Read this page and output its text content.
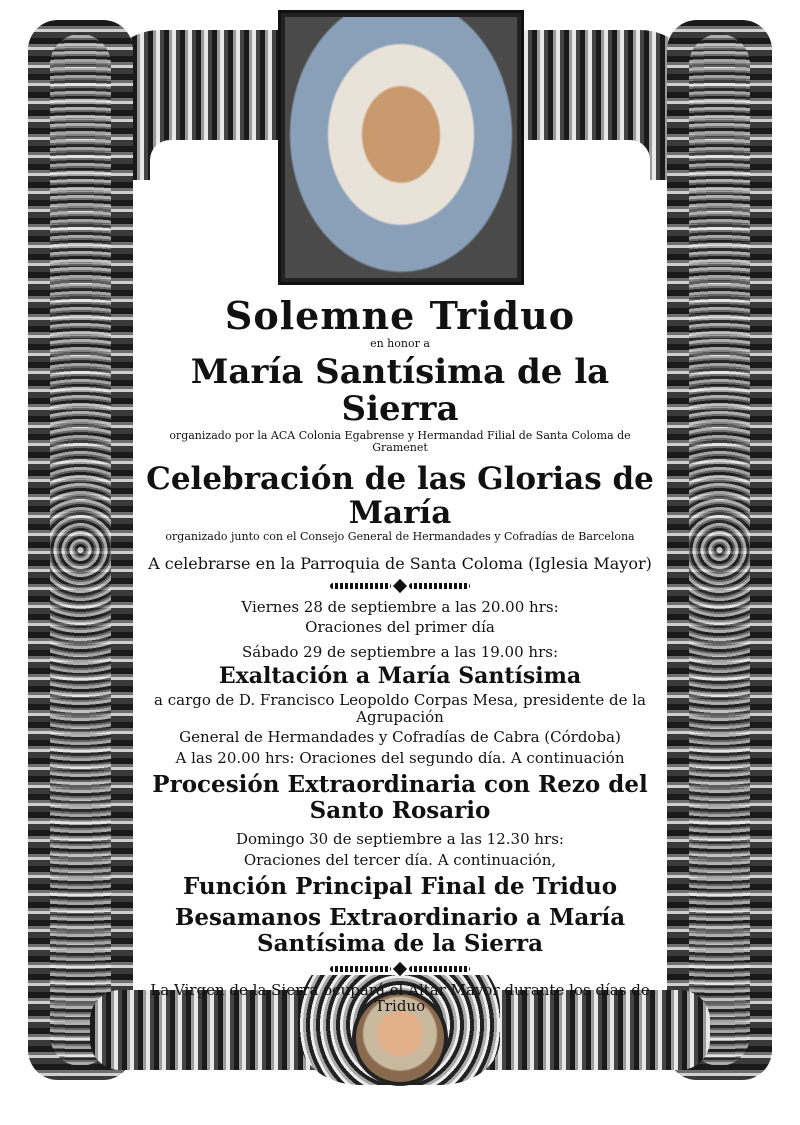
Solemne Triduo
en honor a
María Santísima de la Sierra
organizado por la ACA Colonia Egabrense y Hermandad Filial de Santa Coloma de Gramenet
Celebración de las Glorias de María
organizado junto con el Consejo General de Hermandades y Cofradías de Barcelona
A celebrarse en la Parroquia de Santa Coloma (Iglesia Mayor)
Viernes 28 de septiembre a las 20.00 hrs:
Oraciones del primer día
Sábado 29 de septiembre a las 19.00 hrs:
Exaltación a María Santísima
a cargo de D. Francisco Leopoldo Corpas Mesa, presidente de la Agrupación
General de Hermandades y Cofradías de Cabra (Córdoba)
A las 20.00 hrs: Oraciones del segundo día. A continuación
Procesión Extraordinaria con Rezo del Santo Rosario
Domingo 30 de septiembre a las 12.30 hrs:
Oraciones del tercer día. A continuación,
Función Principal Final de Triduo
Besamanos Extraordinario a María Santísima de la Sierra
La Virgen de la Sierra ocupará el Altar Mayor durante los días de Triduo
